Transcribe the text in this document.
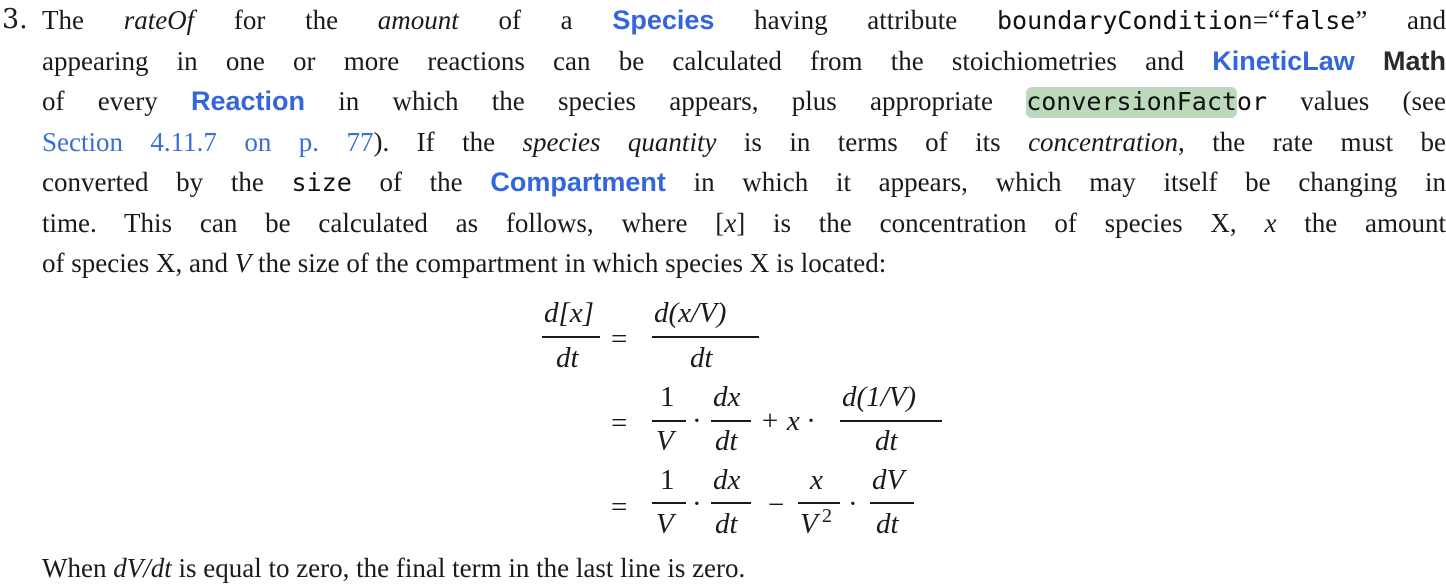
3. The rateOf for the amount of a Species having attribute boundaryCondition=“false” and
appearing in one or more reactions can be calculated from the stoichiometries and KineticLaw Math
of every Reaction in which the species appears, plus appropriate conversionFactor values (see
Section 4.11.7 on p. 77). If the species quantity is in terms of its concentration, the rate must be
converted by the size of the Compartment in which it appears, which may itself be changing in
time. This can be calculated as follows, where [x] is the concentration of species X, x the amount
of species X, and V the size of the compartment in which species X is located:
d[x]
dt
=
d(x/V)
dt
=
1
V
·
dx
dt
+ x ·
d(1/V)
dt
=
1
V
·
dx
dt
−
x
V 2 ·
dV
dt
When dV/dt is equal to zero, the final term in the last line is zero.
